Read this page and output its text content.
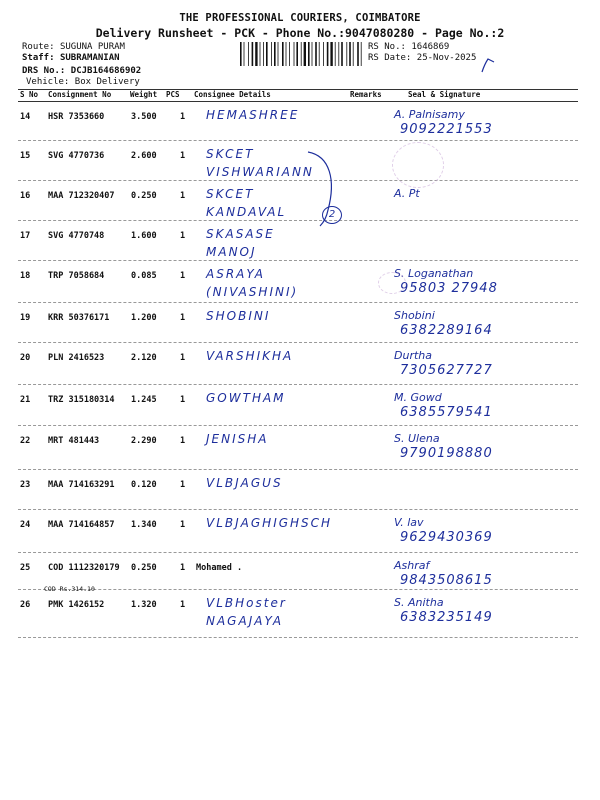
THE PROFESSIONAL COURIERS, COIMBATORE
Delivery Runsheet - PCK - Phone No.:9047080280 - Page No.:2
Route: SUGUNA PURAM
Staff: SUBRAMANIAN
DRS No.: DCJB164686902
Vehicle: Box Delivery
RS No.: 1646869
RS Date: 25-Nov-2025
S No Consignment No	Weight PCS Consignee Details	Remarks	Seal & Signature
14 HSR 7353660	3.500	1 HEMASHREE	A. Palnisamy
9092221553
15 SVG 4770736	2.600	1 SKCET
VISHWARIANN
16 MAA 712320407 0.250	1 SKCET
KANDAVAL
A. Pt
17 SVG 4770748	1.600	1 SKASASE
MANOJ
18 TRP 7058684	0.085	1 ASRAYA
(NIVASHINI)
S. Loganathan
95803 27948
19 KRR 50376171	1.200	1 SHOBINI	Shobini
6382289164
20 PLN 2416523	2.120	1 VARSHIKHA	Durtha
7305627727
21 TRZ 315180314 1.245	1 GOWTHAM	M. Gowd
6385579541
22 MRT 481443	2.290	1 JENISHA	S. Ulena
9790198880
23 MAA 714163291 0.120	1 VLBJAGUS
24 MAA 714164857 1.340	1 VLBJAGHIGHSCH	V. lav
9629430369
25 COD 1112320179 0.250	1 Mohamed .	Ashraf
9843508615
26 PMK 1426152	1.320	1 VLBHoster
NAGAJAYA
S. Anitha
6383235149
COD Rs.314.10
2
